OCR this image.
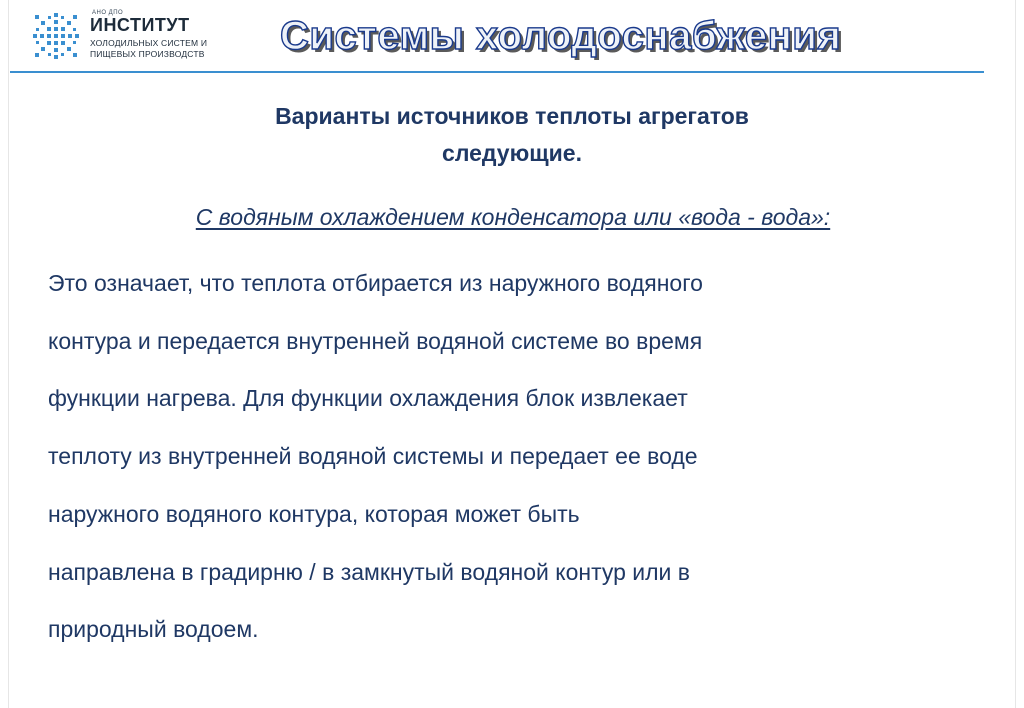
АНО ДПО
ИНСТИТУТ
ХОЛОДИЛЬНЫХ СИСТЕМ И
ПИЩЕВЫХ ПРОИЗВОДСТВ Системы холодоснабжения
Варианты источников теплоты агрегатов
следующие.
С водяным охлаждением конденсатора или «вода - вода»:
Это означает, что теплота отбирается из наружного водяного
контура и передается внутренней водяной системе во время
функции нагрева. Для функции охлаждения блок извлекает
теплоту из внутренней водяной системы и передает ее воде
наружного водяного контура, которая может быть
направлена в градирню / в замкнутый водяной контур или в
природный водоем.
